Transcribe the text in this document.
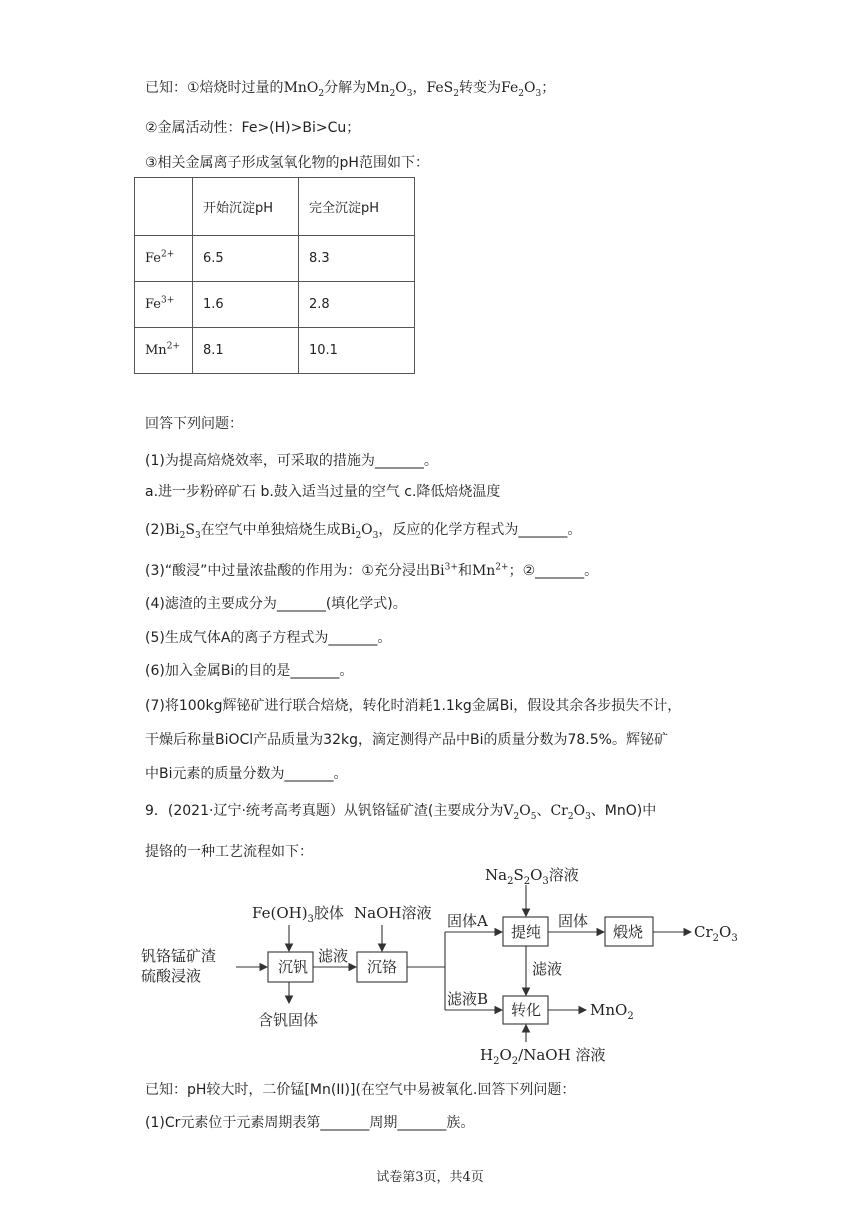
已知：①焙烧时过量的MnO$_2$分解为$Mn_2O_3$，FeS$_2$转变为$Fe_2O_3$；
②金属活动性：Fe>(H)>Bi>Cu；
③相关金属离子形成氢氧化物的pH范围如下：
	开始沉淀pH	完全沉淀pH
$Fe^{2+}$	6.5	8.3
$Fe^{3+}$	1.6	2.8
$Mn^{2+}$	8.1	10.1
回答下列问题：
(1)为提高焙烧效率，可采取的措施为_______。
a.进一步粉碎矿石 b.鼓入适当过量的空气 c.降低焙烧温度
$(2)Bi_2S_3$在空气中单独焙烧生成$Bi_2O_3$，反应的化学方程式为_______。
(3)“酸浸”中过量浓盐酸的作用为：①充分浸出$Bi^{3+}$和$Mn^{2+}$；②_______。
(4)滤渣的主要成分为_______(填化学式)。
(5)生成气体A的离子方程式为_______。
(6)加入金属Bi的目的是_______。
(7)将100kg辉铋矿进行联合焙烧，转化时消耗1.1kg金属Bi，假设其余各步损失不计，
干燥后称量BiOCl产品质量为32kg，滴定测得产品中Bi的质量分数为78.5%。辉铋矿
中Bi元素的质量分数为_______。
9．(2021·辽宁·统考高考真题）从钒铬锰矿渣(主要成分为$V_2O_5$、$Cr_2O_3$、MnO)中
提铬的一种工艺流程如下：
钒铬锰矿渣
硫酸浸液
$Fe(OH)_3$胶体 NaOH溶液
沉钒	沉铬
滤液
含钒固体
固体A
滤液B
$Na_2S_2O_3$溶液
提纯
固体
煅烧	$Cr_2O_3$
滤液
转化	MnO$_2$
$H_2O_2$/NaOH 溶液
已知：pH较大时，二价锰[Mn(II)](在空气中易被氧化.回答下列问题：
(1)Cr元素位于元素周期表第_______周期_______族。
试卷第3页，共4页
